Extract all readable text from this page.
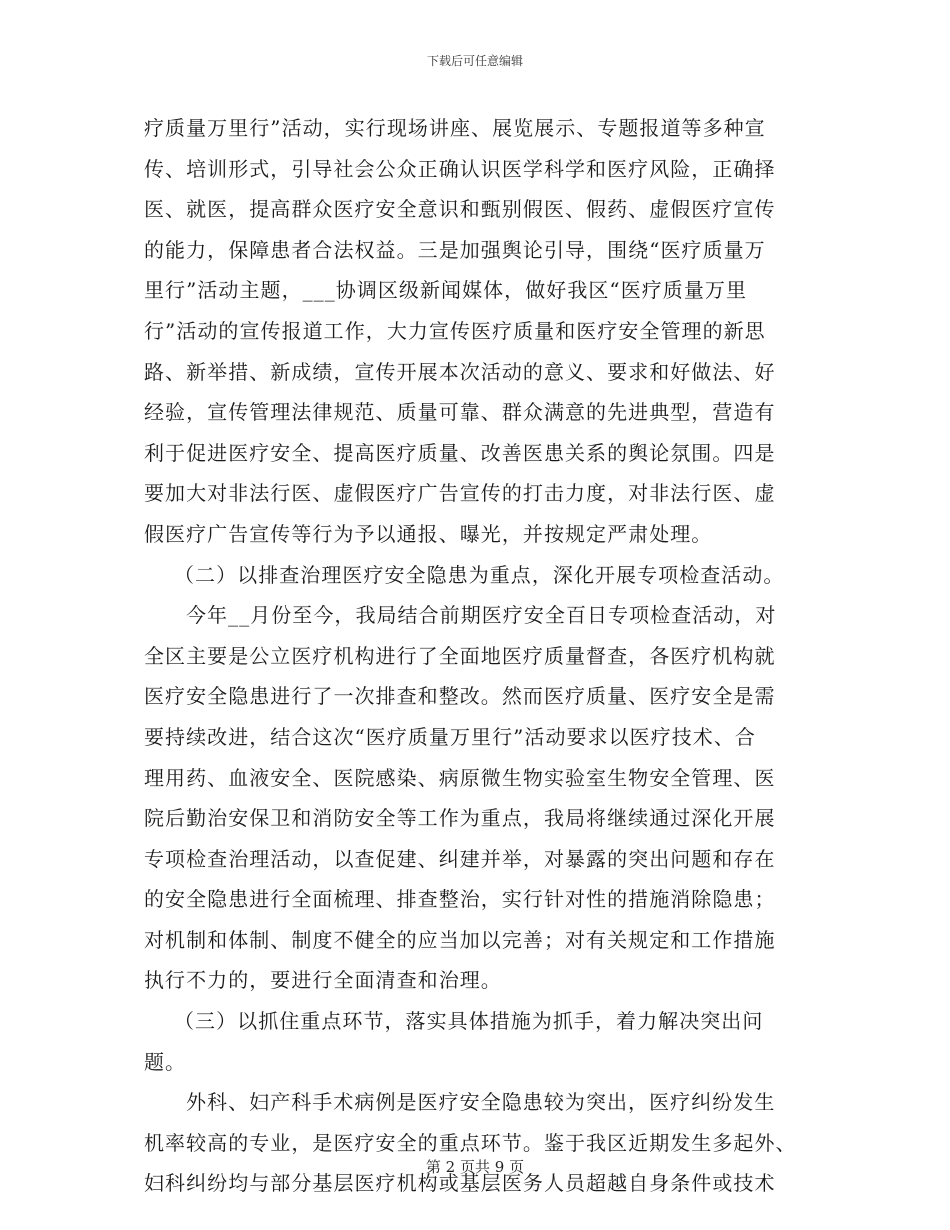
下载后可任意编辑
疗质量万里行”活动，实行现场讲座、展览展示、专题报道等多种宣
传、培训形式，引导社会公众正确认识医学科学和医疗风险，正确择
医、就医，提高群众医疗安全意识和甄别假医、假药、虚假医疗宣传
的能力，保障患者合法权益。三是加强舆论引导，围绕“医疗质量万
里行”活动主题，___协调区级新闻媒体，做好我区“医疗质量万里
行”活动的宣传报道工作，大力宣传医疗质量和医疗安全管理的新思
路、新举措、新成绩，宣传开展本次活动的意义、要求和好做法、好
经验，宣传管理法律规范、质量可靠、群众满意的先进典型，营造有
利于促进医疗安全、提高医疗质量、改善医患关系的舆论氛围。四是
要加大对非法行医、虚假医疗广告宣传的打击力度，对非法行医、虚
假医疗广告宣传等行为予以通报、曝光，并按规定严肃处理。
（二）以排查治理医疗安全隐患为重点，深化开展专项检查活动。
今年__月份至今，我局结合前期医疗安全百日专项检查活动，对
全区主要是公立医疗机构进行了全面地医疗质量督查，各医疗机构就
医疗安全隐患进行了一次排查和整改。然而医疗质量、医疗安全是需
要持续改进，结合这次“医疗质量万里行”活动要求以医疗技术、合
理用药、血液安全、医院感染、病原微生物实验室生物安全管理、医
院后勤治安保卫和消防安全等工作为重点，我局将继续通过深化开展
专项检查治理活动，以查促建、纠建并举，对暴露的突出问题和存在
的安全隐患进行全面梳理、排查整治，实行针对性的措施消除隐患；
对机制和体制、制度不健全的应当加以完善；对有关规定和工作措施
执行不力的，要进行全面清查和治理。
（三）以抓住重点环节，落实具体措施为抓手，着力解决突出问
题。
外科、妇产科手术病例是医疗安全隐患较为突出，医疗纠纷发生
机率较高的专业，是医疗安全的重点环节。鉴于我区近期发生多起外、
妇科纠纷均与部分基层医疗机构或基层医务人员超越自身条件或技术
第 2 页共 9 页
